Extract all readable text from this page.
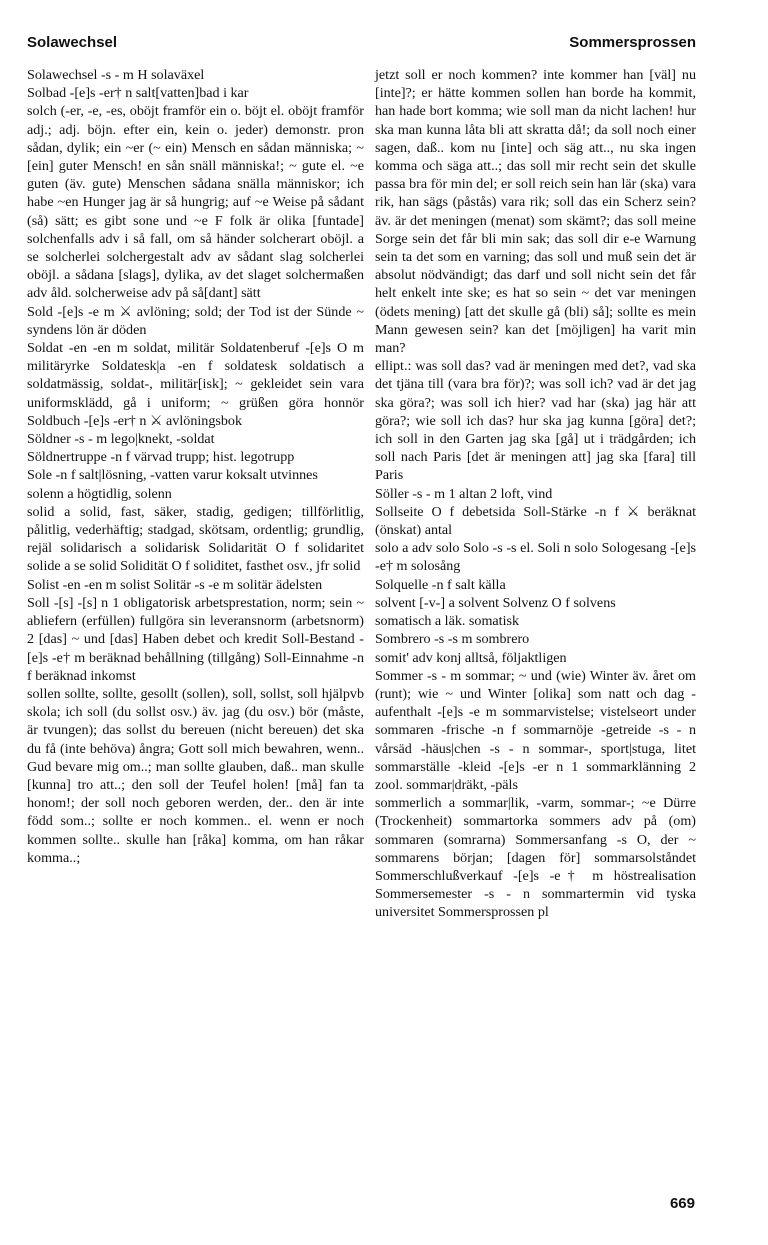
Solawechsel	Sommersprossen

Solawechsel -s - m H solaväxel

Solbad -[e]s -er† n salt[vatten]bad i kar

solch (-er, -e, -es, oböjt framför ein o. böjt el. oböjt framför adj.; adj. böjn. efter ein, kein o. jeder) demonstr. pron sådan, dylik; ein ~er (~ ein) Mensch en sådan människa; ~ [ein] guter Mensch! en sån snäll människa!; ~ gute el. ~e guten (äv. gute) Menschen sådana snälla människor; ich habe ~en Hunger jag är så hungrig; auf ~e Weise på sådant (så) sätt; es gibt sone und ~e F folk är olika [funtade] solchenfalls adv i så fall, om så händer solcherart oböjl. a se solcherlei solchergestalt adv av sådant slag solcherlei oböjl. a sådana [slags], dylika, av det slaget solchermaßen adv åld. solcherweise adv på så[dant] sätt

Sold -[e]s -e m ⚔ avlöning; sold; der Tod ist der Sünde ~ syndens lön är döden

Soldat -en -en m soldat, militär Soldatenberuf -[e]s O m militäryrke Soldatesk|a -en f soldatesk soldatisch a soldatmässig, soldat-, militär[isk]; ~ gekleidet sein vara uniformsklädd, gå i uniform; ~ grüßen göra honnör Soldbuch -[e]s -er† n ⚔ avlöningsbok

Söldner -s - m lego|knekt, -soldat

Söldnertruppe -n f värvad trupp; hist. legotrupp

Sole -n f salt|lösning, -vatten varur koksalt utvinnes

solenn a högtidlig, solenn

solid a solid, fast, säker, stadig, gedigen; tillförlitlig, pålitlig, vederhäftig; stadgad, skötsam, ordentlig; grundlig, rejäl solidarisch a solidarisk Solidarität O f solidaritet solide a se solid Solidität O f soliditet, fasthet osv., jfr solid

Solist -en -en m solist Solitär -s -e m solitär ädelsten

Soll -[s] -[s] n 1 obligatorisk arbetsprestation, norm; sein ~ abliefern (erfüllen) fullgöra sin leveransnorm (arbetsnorm) 2 [das] ~ und [das] Haben debet och kredit Soll-Bestand -[e]s -e† m beräknad behållning (tillgång) Soll-Einnahme -n f beräknad inkomst

sollen sollte, sollte, gesollt (sollen), soll, sollst, soll hjälpvb skola; ich soll (du sollst osv.) äv. jag (du osv.) bör (måste, är tvungen); das sollst du bereuen (nicht bereuen) det ska du få (inte behöva) ångra; Gott soll mich bewahren, wenn.. Gud bevare mig om..; man sollte glauben, daß.. man skulle [kunna] tro att..; den soll der Teufel holen! [må] fan ta honom!; der soll noch geboren werden, der.. den är inte född som..; sollte er noch kommen.. el. wenn er noch kommen sollte.. skulle han [råka] komma, om han råkar komma..;

jetzt soll er noch kommen? inte kommer han [väl] nu [inte]?; er hätte kommen sollen han borde ha kommit, han hade bort komma; wie soll man da nicht lachen! hur ska man kunna låta bli att skratta då!; da soll noch einer sagen, daß.. kom nu [inte] och säg att.., nu ska ingen komma och säga att..; das soll mir recht sein det skulle passa bra för min del; er soll reich sein han lär (ska) vara rik, han sägs (påstås) vara rik; soll das ein Scherz sein? äv. är det meningen (menat) som skämt?; das soll meine Sorge sein det får bli min sak; das soll dir e-e Warnung sein ta det som en varning; das soll und muß sein det är absolut nödvändigt; das darf und soll nicht sein det får helt enkelt inte ske; es hat so sein ~ det var meningen (ödets mening) [att det skulle gå (bli) så]; sollte es mein Mann gewesen sein? kan det [möjligen] ha varit min man?

ellipt.: was soll das? vad är meningen med det?, vad ska det tjäna till (vara bra för)?; was soll ich? vad är det jag ska göra?; was soll ich hier? vad har (ska) jag här att göra?; wie soll ich das? hur ska jag kunna [göra] det?; ich soll in den Garten jag ska [gå] ut i trädgården; ich soll nach Paris [det är meningen att] jag ska [fara] till Paris

Söller -s - m 1 altan 2 loft, vind

Sollseite O f debetsida Soll-Stärke -n f ⚔ beräknat (önskat) antal

solo a adv solo Solo -s -s el. Soli n solo Sologesang -[e]s -e† m solosång

Solquelle -n f salt källa

solvent [-v-] a solvent Solvenz O f solvens

somatisch a läk. somatisk

Sombrero -s -s m sombrero

somit' adv konj alltså, följaktligen

Sommer -s - m sommar; ~ und (wie) Winter äv. året om (runt); wie ~ und Winter [olika] som natt och dag -aufenthalt -[e]s -e m sommarvistelse; vistelseort under sommaren -frische -n f sommarnöje -getreide -s - n vårsäd -häus|chen -s - n sommar-, sport|stuga, litet sommarställe -kleid -[e]s -er n 1 sommarklänning 2 zool. sommar|dräkt, -päls

sommerlich a sommar|lik, -varm, sommar-; ~e Dürre (Trockenheit) sommartorka sommers adv på (om) sommaren (somrarna) Sommersanfang -s O, der ~ sommarens början; [dagen för] sommarsolståndet Sommerschlußverkauf -[e]s -e† m höstrealisation Sommersemester -s - n sommartermin vid tyska universitet Sommersprossen pl

669
